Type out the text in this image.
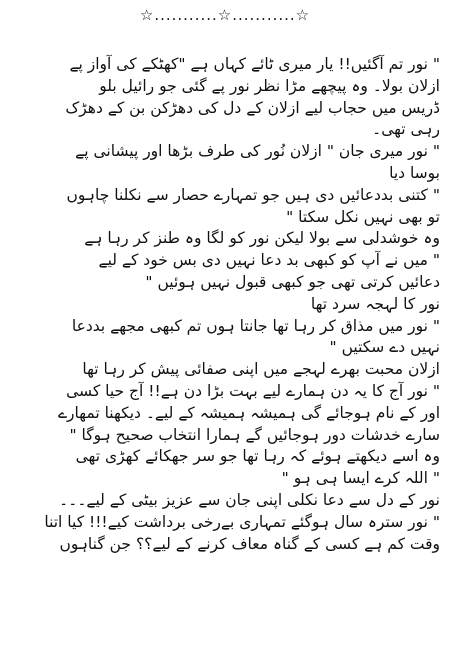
☆...........☆...........☆
" نور تم آگئیں!! یار میری ٹائے کہاں ہے "کھٹکے کی آواز پے
ازلان بولا۔ وہ پیچھے مڑا نظر نور پے گئی جو رائیل بلو
ڈریس میں حجاب لیے ازلان کے دل کی دھڑکن بن کے دھڑک
رہی تھی۔
" نور میری جان " ازلان نُور کی طرف بڑھا اور پیشانی پے
بوسا دیا
" کتنی بددعائیں دی ہیں جو تمہارے حصار سے نکلنا چاہوں
تو بھی نہیں نکل سکتا "
وہ خوشدلی سے بولا لیکن نور کو لگا وہ طنز کر رہا ہے
" میں نے آپ کو کبھی بد دعا نہیں دی بس خود کے لیے
دعائیں کرتی تھی جو کبھی قبول نہیں ہوئیں "
نور کا لہجہ سرد تھا
" نور میں مذاق کر رہا تھا جانتا ہوں تم کبھی مجھے بددعا
نہیں دے سکتیں "
ازلان محبت بھرے لہجے میں اپنی صفائی پیش کر رہا تھا
" نور آج کا یہ دن ہمارے لیے بہت بڑا دن ہے!! آج حیا کسی
اور کے نام ہوجائے گی ہمیشہ ہمیشہ کے لیے۔ دیکھنا تمھارے
سارے خدشات دور ہوجائیں گے ہمارا انتخاب صحیح ہوگا "
وہ اسے دیکھتے ہوئے کہ رہا تھا جو سر جھکائے کھڑی تھی
" اللہ کرے ایسا ہی ہو "
نور کے دل سے دعا نکلی اپنی جان سے عزیز بیٹی کے لیے۔۔۔
" نور سترہ سال ہوگئے تمہاری بےرخی برداشت کیے!!! کیا اتنا
وقت کم ہے کسی کے گناہ معاف کرنے کے لیے؟؟ جن گناہوں
